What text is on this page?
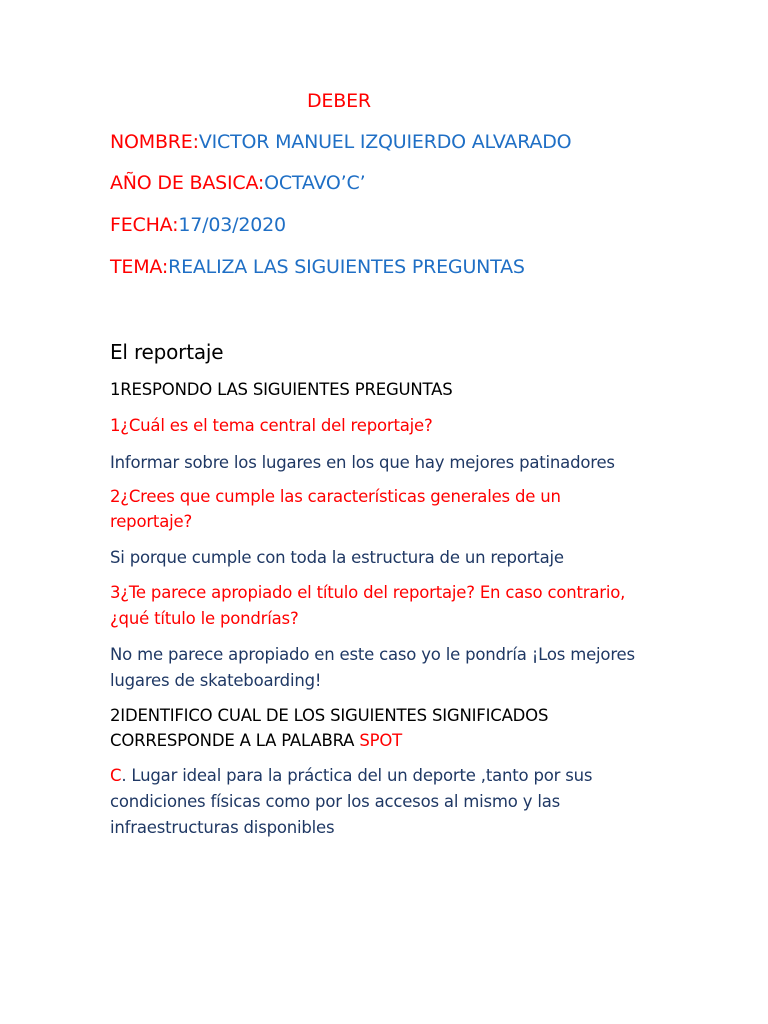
DEBER
NOMBRE:VICTOR MANUEL IZQUIERDO ALVARADO
AÑO DE BASICA:OCTAVO’C’
FECHA:17/03/2020
TEMA:REALIZA LAS SIGUIENTES PREGUNTAS
El reportaje
1RESPONDO LAS SIGUIENTES PREGUNTAS
1¿Cuál es el tema central del reportaje?
Informar sobre los lugares en los que hay mejores patinadores
2¿Crees que cumple las características generales de un
reportaje?
Si porque cumple con toda la estructura de un reportaje
3¿Te parece apropiado el título del reportaje? En caso contrario,
¿qué título le pondrías?
No me parece apropiado en este caso yo le pondría ¡Los mejores
lugares de skateboarding!
2IDENTIFICO CUAL DE LOS SIGUIENTES SIGNIFICADOS
CORRESPONDE A LA PALABRA SPOT
C. Lugar ideal para la práctica del un deporte ,tanto por sus
condiciones físicas como por los accesos al mismo y las
infraestructuras disponibles
